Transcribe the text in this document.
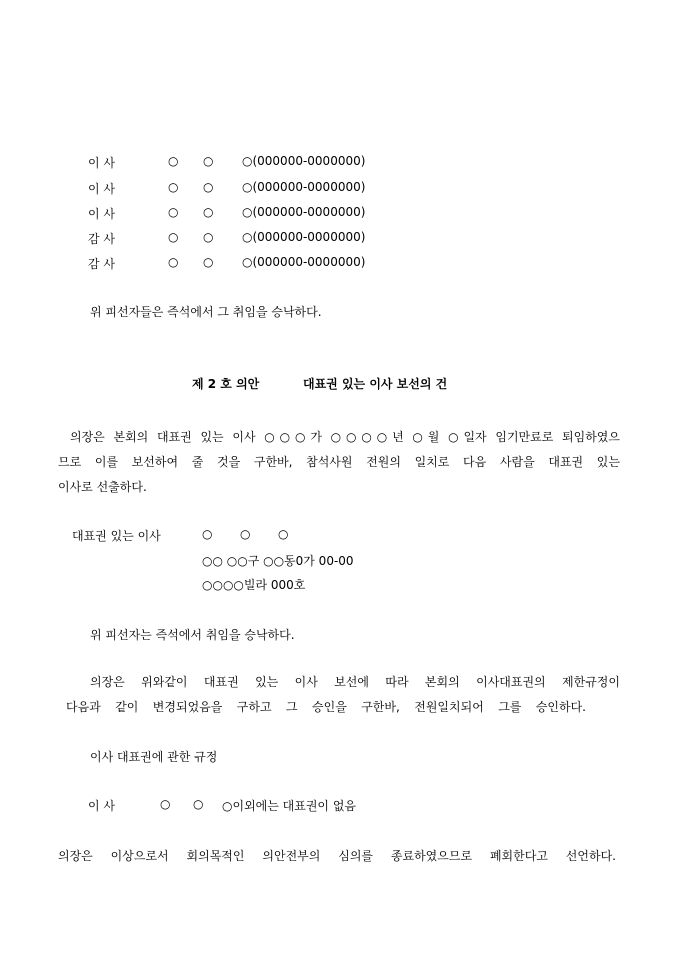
이 사	○ ○ ○(000000-0000000)
이 사	○ ○ ○(000000-0000000)
이 사	○ ○ ○(000000-0000000)
감 사	○ ○ ○(000000-0000000)
감 사	○ ○ ○(000000-0000000)
위 피선자들은 즉석에서 그 취임을 승낙하다.
제 2 호 의안	대표권 있는 이사 보선의 건
의장은 본회의 대표권 있는 이사 ○○○가 ○○○○년 ○월 ○일자 임기만료로 퇴임하였으
므로 이를 보선하여 줄 것을 구한바, 참석사원 전원의 일치로 다음 사람을 대표권 있는
이사로 선출하다.
대표권 있는 이사	○ ○ ○
○○ ○○구 ○○동0가 00-00
○○○○빌라 000호
위 피선자는 즉석에서 취임을 승낙하다.
의장은 위와같이 대표권 있는 이사 보선에 따라 본회의 이사대표권의 제한규정이
다음과 같이 변경되었음을 구하고 그 승인을 구한바, 전원일치되어 그를 승인하다.
이사 대표권에 관한 규정
이 사	○ ○ ○이외에는 대표권이 없음
의장은 이상으로서 회의목적인 의안전부의 심의를 종료하였으므로 폐회한다고 선언하다.
